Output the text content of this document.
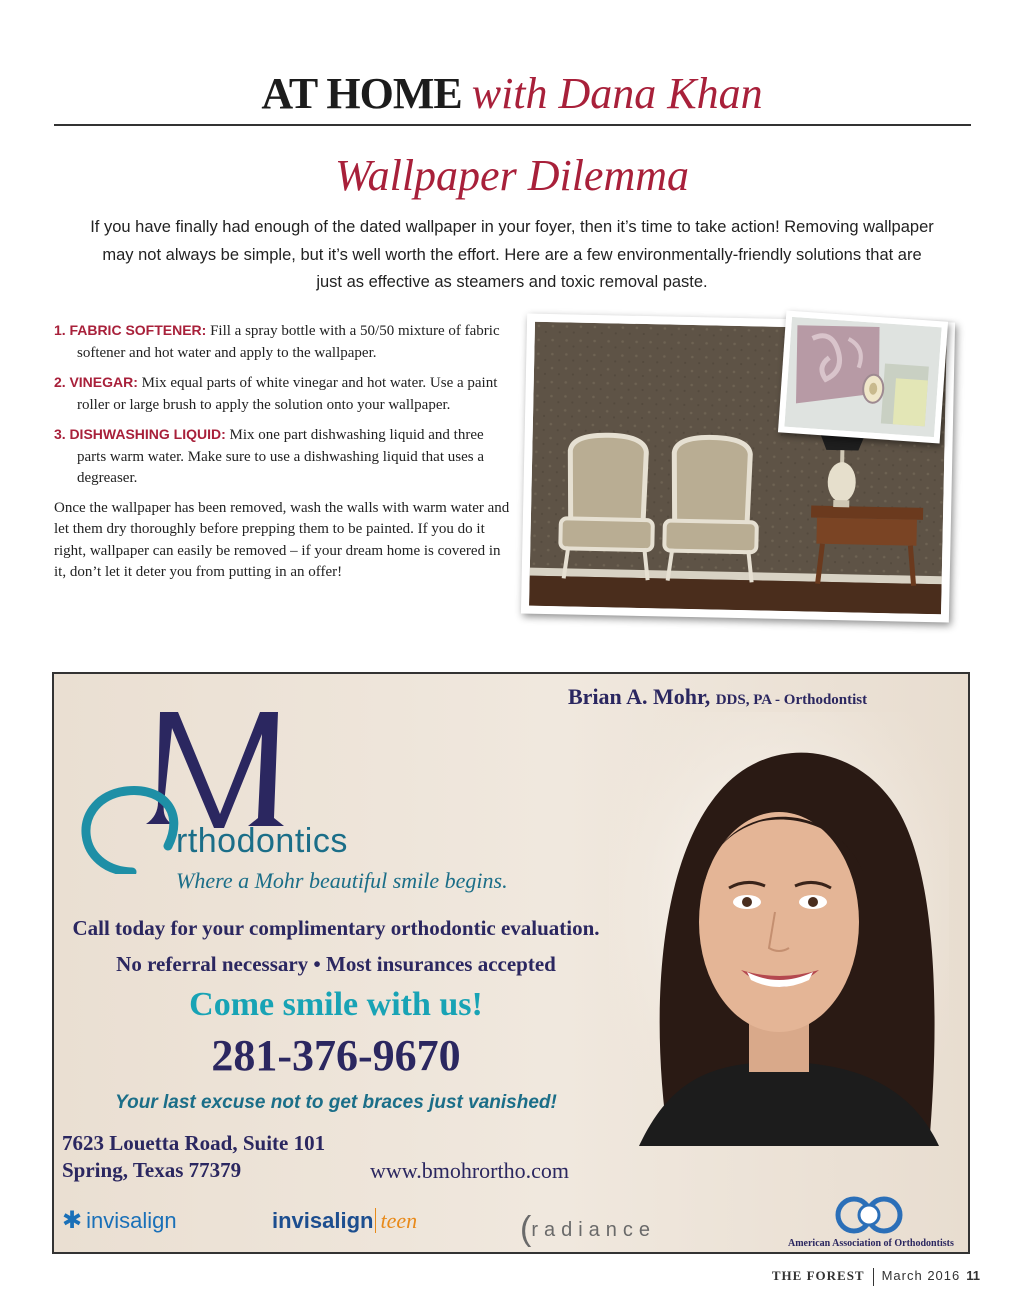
AT HOME with Dana Khan
Wallpaper Dilemma

If you have finally had enough of the dated wallpaper in your foyer, then it’s time to take action! Removing wallpaper may not always be simple, but it’s well worth the effort. Here are a few environmentally-friendly solutions that are just as effective as steamers and toxic removal paste.

1. FABRIC SOFTENER: Fill a spray bottle with a 50/50 mixture of fabric softener and hot water and apply to the wallpaper.

2. VINEGAR: Mix equal parts of white vinegar and hot water. Use a paint roller or large brush to apply the solution onto your wallpaper.

3. DISHWASHING LIQUID: Mix one part dishwashing liquid and three parts warm water. Make sure to use a dishwashing liquid that uses a degreaser.

Once the wallpaper has been removed, wash the walls with warm water and let them dry thoroughly before prepping them to be painted. If you do it right, wallpaper can easily be removed – if your dream home is covered in it, don’t let it deter you from putting in an offer!

Brian A. Mohr, DDS, PA - Orthodontist
rthodontics
Where a Mohr beautiful smile begins.
Call today for your complimentary orthodontic evaluation.
No referral necessary • Most insurances accepted
Come smile with us!
281-376-9670
Your last excuse not to get braces just vanished!
7623 Louetta Road, Suite 101
Spring, Texas 77379	www.bmohrortho.com
✱ invisalign	invisalign teen	(radiance
American Association of Orthodontists
THE FOREST March 2016 11
